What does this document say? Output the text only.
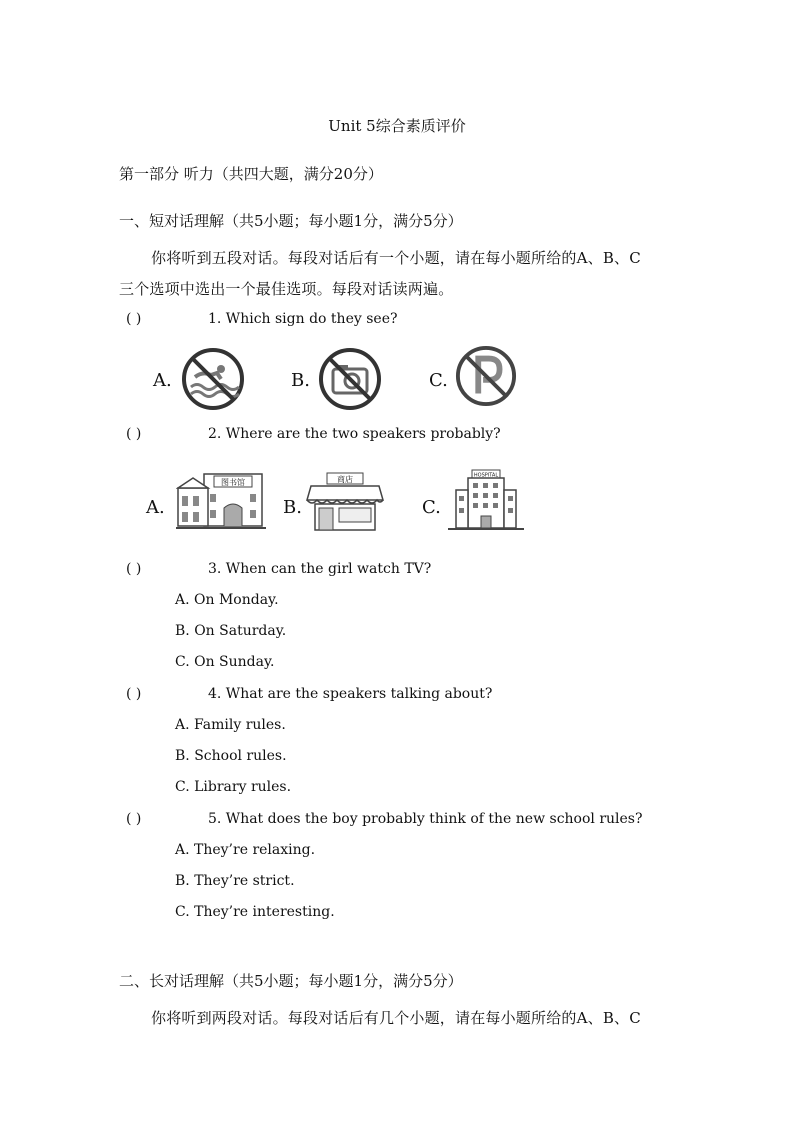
Unit 5综合素质评价
第一部分 听力（共四大题，满分20分）
一、短对话理解（共5小题；每小题1分，满分5分）
你将听到五段对话。每段对话后有一个小题，请在每小题所给的A、B、C
三个选项中选出一个最佳选项。每段对话读两遍。
( )	1. Which sign do they see?
A.	B.	C.
( )	2. Where are the two speakers probably?
A.
图书馆
B.
商店
C.
HOSPITAL
( )	3. When can the girl watch TV?
A. On Monday.
B. On Saturday.
C. On Sunday.
( )	4. What are the speakers talking about?
A. Family rules.
B. School rules.
C. Library rules.
( )	5. What does the boy probably think of the new school rules?
A. They’re relaxing.
B. They’re strict.
C. They’re interesting.
二、长对话理解（共5小题；每小题1分，满分5分）
你将听到两段对话。每段对话后有几个小题，请在每小题所给的A、B、C
